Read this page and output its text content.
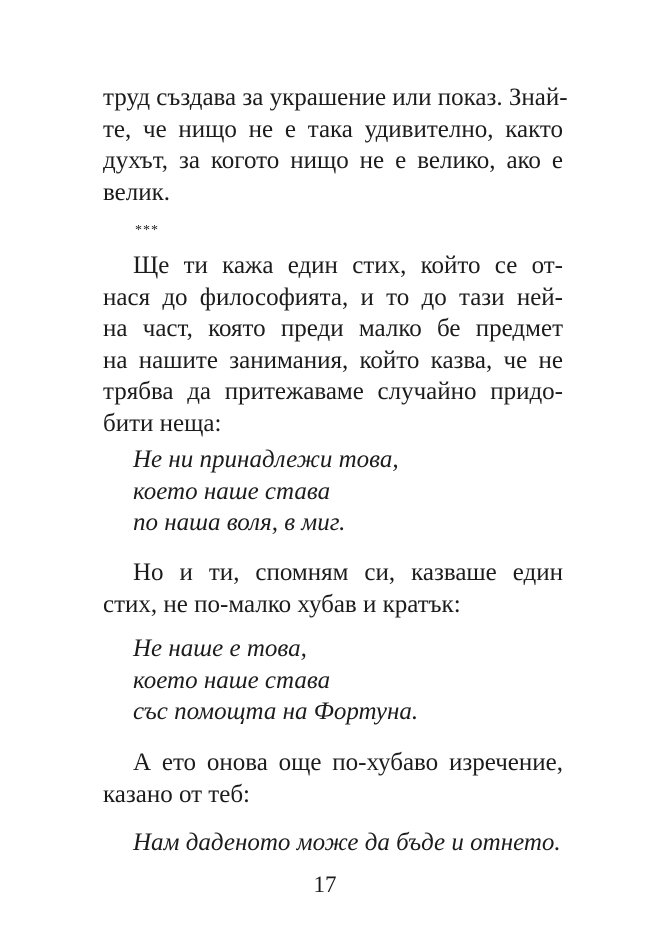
труд създава за украшение или показ. Знай-
те, че нищо не е така удивително, както
духът, за когото нищо не е велико, ако е
велик.
***
Ще ти кажа един стих, който се от-
нася до философията, и то до тази ней-
на част, която преди малко бе предмет
на нашите занимания, който казва, че не
трябва да притежаваме случайно придо-
бити неща:
Не ни принадлежи това,
което наше става
по наша воля, в миг.
Но и ти, спомням си, казваше един
стих, не по-малко хубав и кратък:
Не наше е това,
което наше става
със помощта на Фортуна.
А ето онова още по-хубаво изречение,
казано от теб:
Нам даденото може да бъде и отнето.
17
